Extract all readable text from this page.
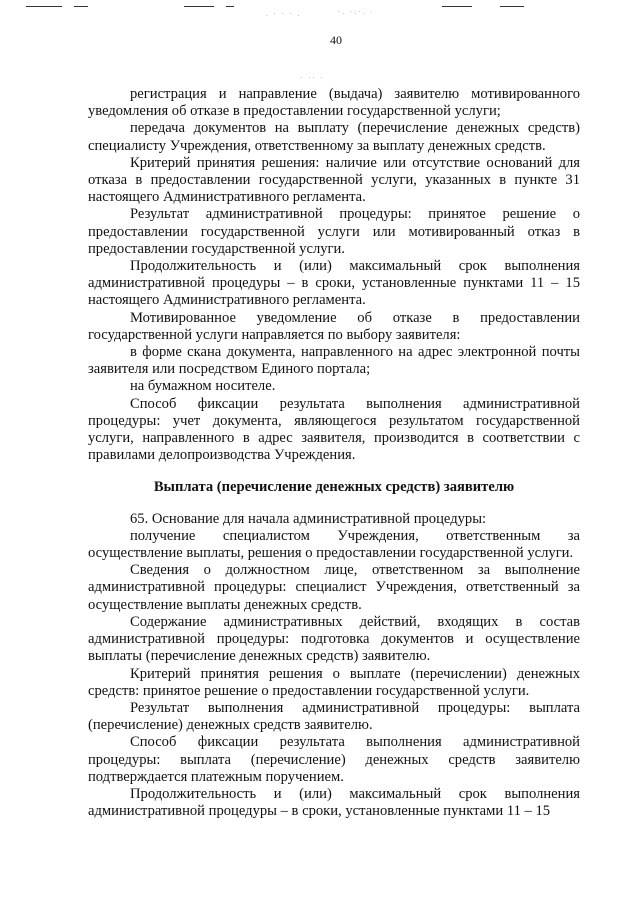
. · · · .	·. ·:·. ·
· ·· ·
40

регистрация и направление (выдача) заявителю мотивированного уведомления об отказе в предоставлении государственной услуги;

передача документов на выплату (перечисление денежных средств) специалисту Учреждения, ответственному за выплату денежных средств.

Критерий принятия решения: наличие или отсутствие оснований для отказа в предоставлении государственной услуги, указанных в пункте 31 настоящего Административного регламента.

Результат административной процедуры: принятое решение о предоставлении государственной услуги или мотивированный отказ в предоставлении государственной услуги.

Продолжительность и (или) максимальный срок выполнения административной процедуры – в сроки, установленные пунктами 11 – 15 настоящего Административного регламента.

Мотивированное уведомление об отказе в предоставлении государственной услуги направляется по выбору заявителя:

в форме скана документа, направленного на адрес электронной почты заявителя или посредством Единого портала;

на бумажном носителе.

Способ фиксации результата выполнения административной процедуры: учет документа, являющегося результатом государственной услуги, направленного в адрес заявителя, производится в соответствии с правилами делопроизводства Учреждения.

Выплата (перечисление денежных средств) заявителю

65. Основание для начала административной процедуры:

получение специалистом Учреждения, ответственным за осуществление выплаты, решения о предоставлении государственной услуги.

Сведения о должностном лице, ответственном за выполнение административной процедуры: специалист Учреждения, ответственный за осуществление выплаты денежных средств.

Содержание административных действий, входящих в состав административной процедуры: подготовка документов и осуществление выплаты (перечисление денежных средств) заявителю.

Критерий принятия решения о выплате (перечислении) денежных средств: принятое решение о предоставлении государственной услуги.

Результат выполнения административной процедуры: выплата (перечисление) денежных средств заявителю.

Способ фиксации результата выполнения административной процедуры: выплата (перечисление) денежных средств заявителю подтверждается платежным поручением.

Продолжительность и (или) максимальный срок выполнения административной процедуры – в сроки, установленные пунктами 11 – 15
